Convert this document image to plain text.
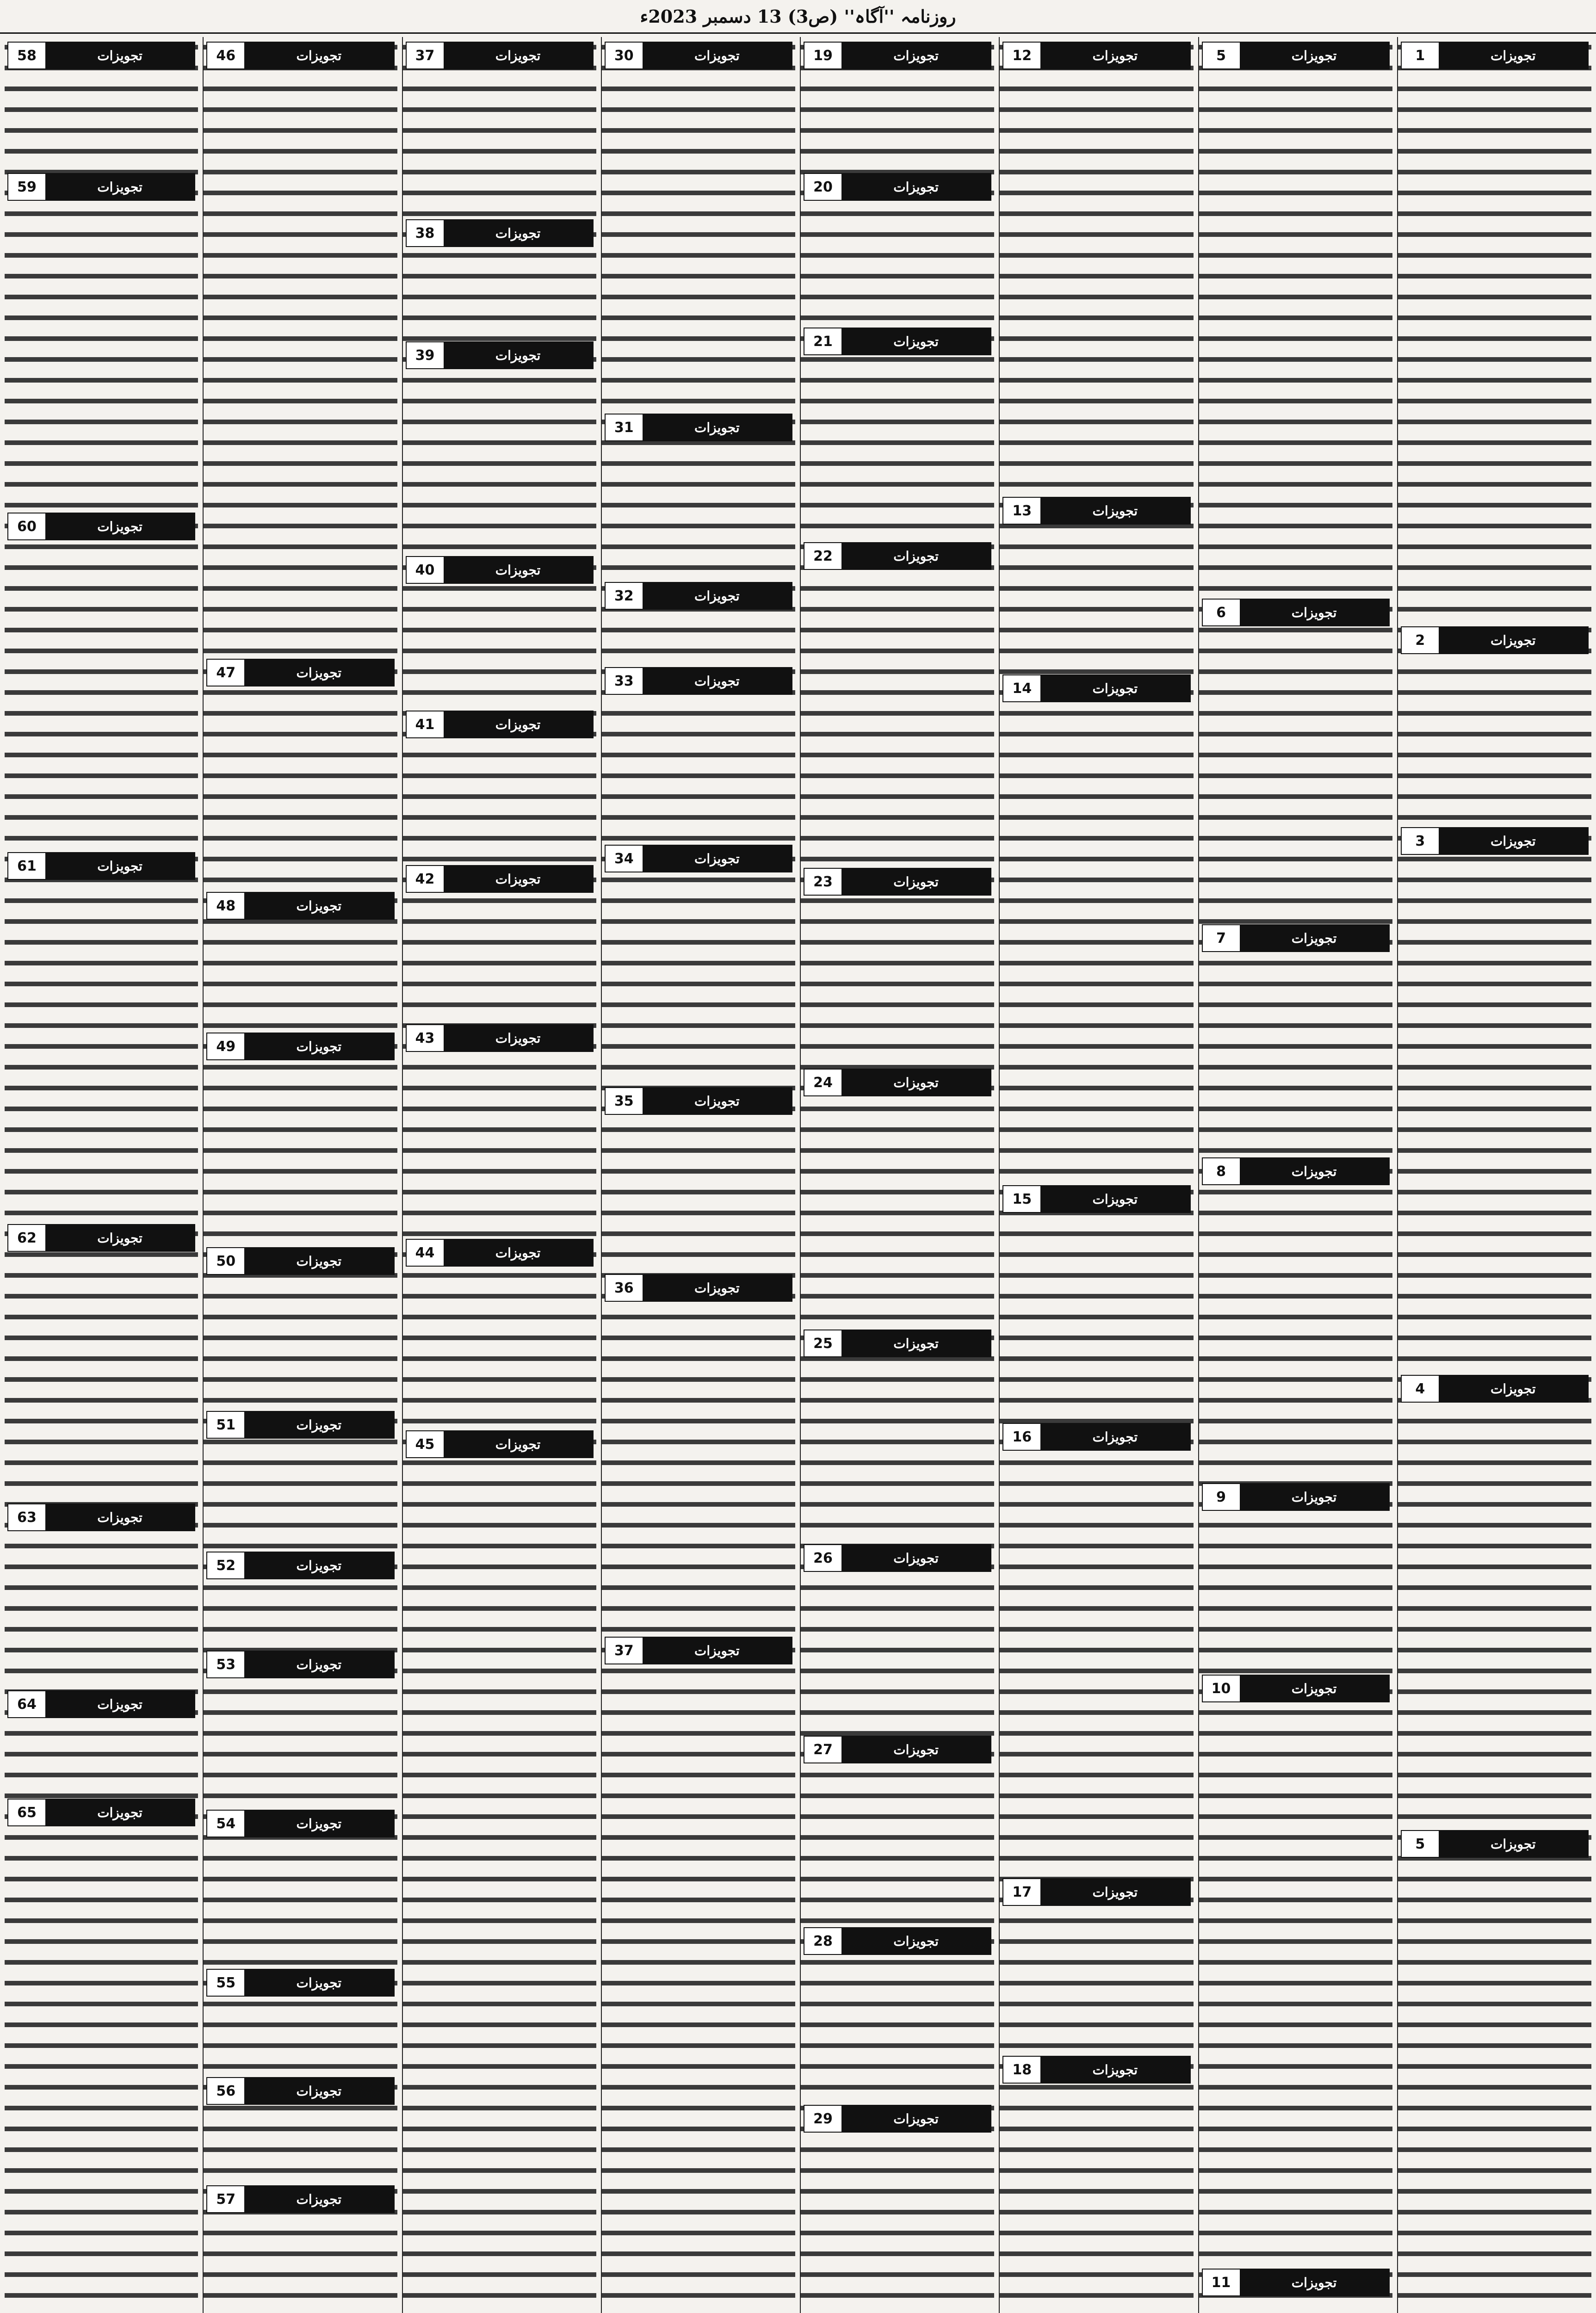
روزنامہ ''آگاہ'' (ص3) 13 دسمبر 2023ء
تجویزات
1
تجویزات
2
تجویزات
3
تجویزات
4
تجویزات
5
تجویزات
5
تجویزات
6
تجویزات
7
تجویزات
8
تجویزات
9
تجویزات
10
تجویزات
11
تجویزات
12
تجویزات
13
تجویزات
14
تجویزات
15
تجویزات
16
تجویزات
17
تجویزات
18
تجویزات
19
تجویزات
20
تجویزات
21
تجویزات
22
تجویزات
23
تجویزات
24
تجویزات
25
تجویزات
26
تجویزات
27
تجویزات
28
تجویزات
29
تجویزات
30
تجویزات
31
تجویزات
32
تجویزات
33
تجویزات
34
تجویزات
35
تجویزات
36
تجویزات
37
تجویزات
37
تجویزات
38
تجویزات
39
تجویزات
40
تجویزات
41
تجویزات
42
تجویزات
43
تجویزات
44
تجویزات
45
تجویزات
46
تجویزات
47
تجویزات
48
تجویزات
49
تجویزات
50
تجویزات
51
تجویزات
52
تجویزات
53
تجویزات
54
تجویزات
55
تجویزات
56
تجویزات
57
تجویزات
58
تجویزات
59
تجویزات
60
تجویزات
61
تجویزات
62
تجویزات
63
تجویزات
64
تجویزات
65
